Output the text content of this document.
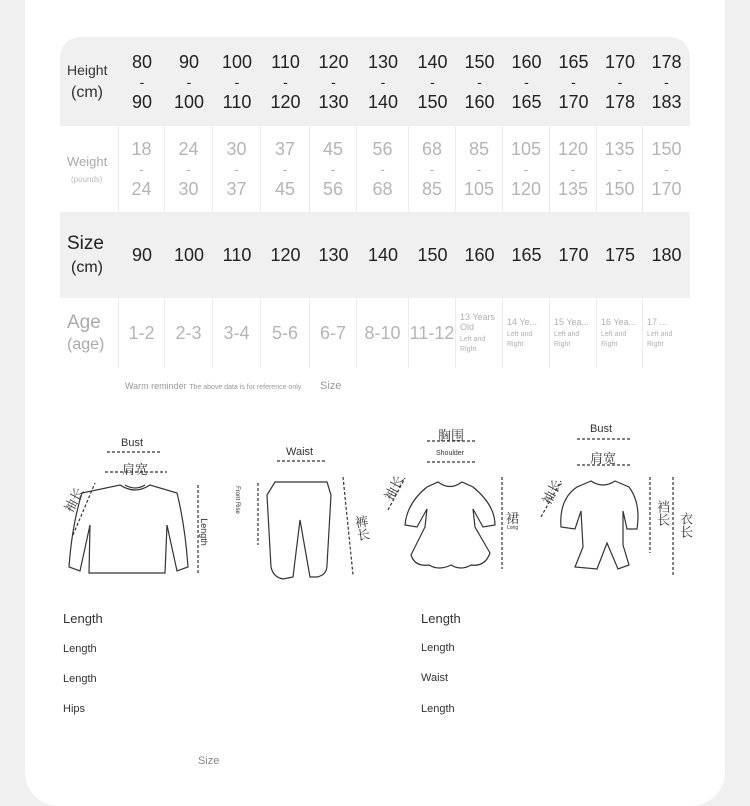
Height
(cm)
80
-
90
90
-
100
100
-
110
110
-
120
120
-
130
130
-
140
140
-
150
150
-
160
160
-
165
165
-
170
170
-
178
178
-
183
Weight
(pounds)
18
-
24
24
-
30
30
-
37
37
-
45
45
-
56
56
-
68
68
-
85
85
-
105
105
-
120
120
-
135
135
-
150
150
-
170
Size
(cm)
90 100 110 120 130 140 150 160 165 170 175 180
Age
(age)
1-2 2-3 3-4 5-6 6-7 8-10 11-12
13 Years Old
Left and Right
14 Ye...
Left and Right
15 Yea...
Left and Right
16 Yea...
Left and Right
17 ...
Left and Right
Warm reminder The above data is for reference only Size
Bust
肩宽
袖长
Length
Waist
Front Rise
裤长
胸围
Shoulder
袖长
裙
Long
Bust
肩宽
袖长
裆长 衣长
Length
Length
Length
Hips
Length
Length
Waist
Length
Size
